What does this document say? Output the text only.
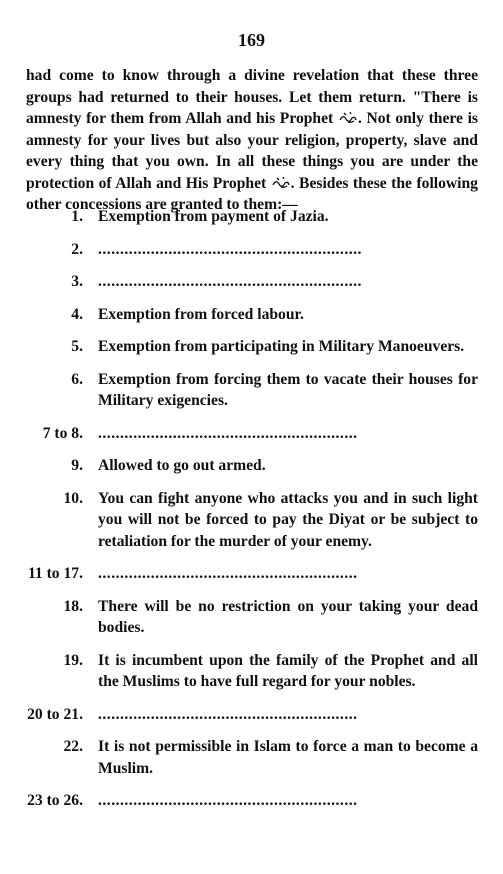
169
had come to know through a divine revelation that these three groups had returned to their houses. Let them return. "There is amnesty for them from Allah and his Prophet . Not only there is amnesty for your lives but also your religion, property, slave and every thing that you own. In all these things you are under the protection of Allah and His Prophet . Besides these the following other concessions are granted to them:—
1. Exemption from payment of Jazia.
2. ............................................................
3. ............................................................
4. Exemption from forced labour.
5. Exemption from participating in Military Manoeuvers.
6. Exemption from forcing them to vacate their houses for Military exigencies.
7 to 8. ...........................................................
9. Allowed to go out armed.
10. You can fight anyone who attacks you and in such light you will not be forced to pay the Diyat or be subject to retaliation for the murder of your enemy.
11 to 17. ...........................................................
18. There will be no restriction on your taking your dead bodies.
19. It is incumbent upon the family of the Prophet and all the Muslims to have full regard for your nobles.
20 to 21. ...........................................................
22. It is not permissible in Islam to force a man to become a Muslim.
23 to 26. ...........................................................
